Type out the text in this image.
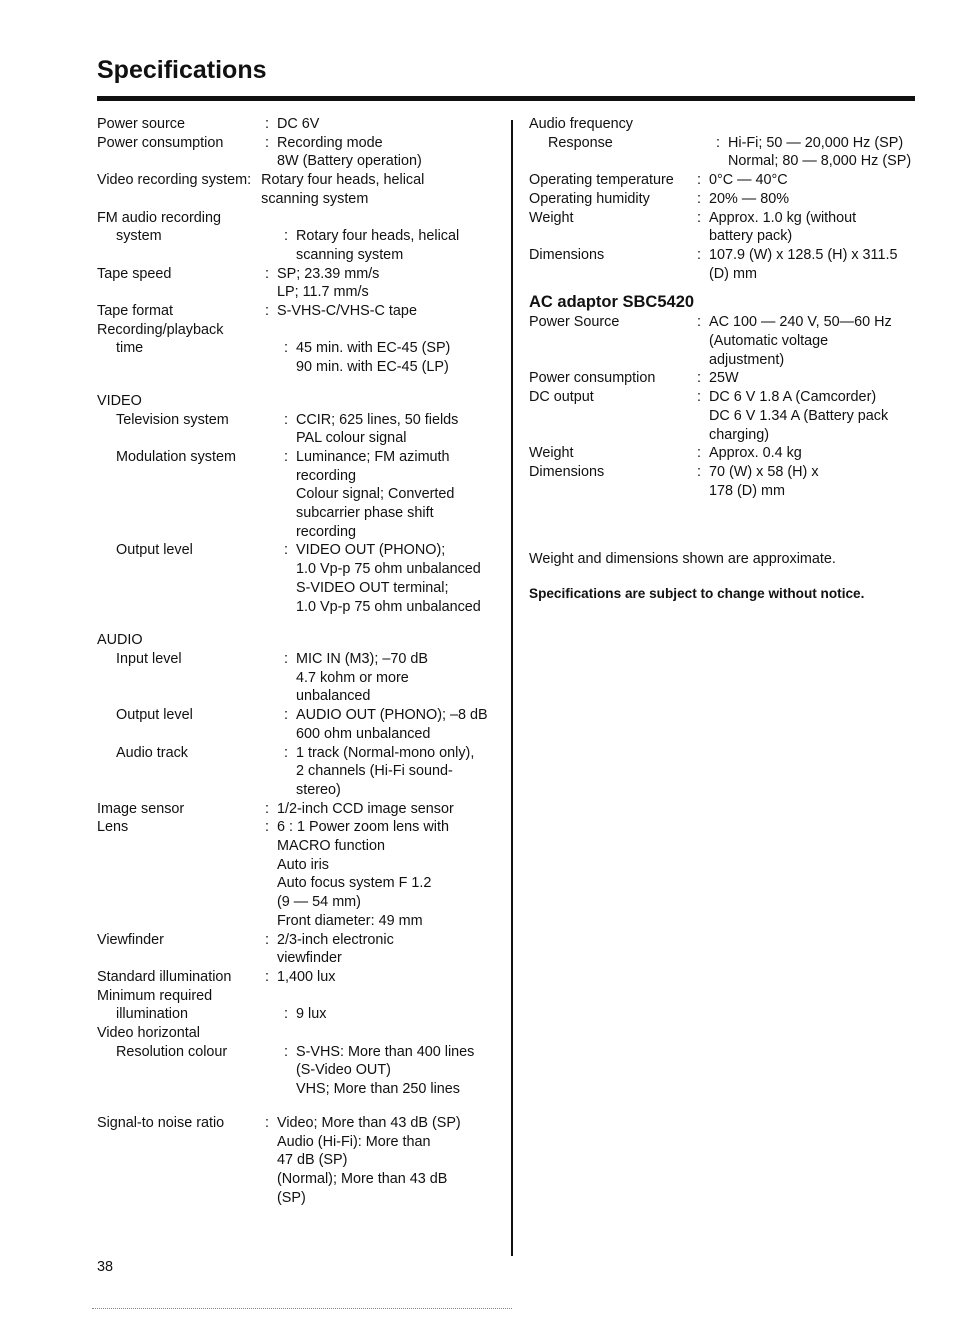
Specifications
Power source	: DC 6V
Power consumption	: Recording mode
8W (Battery operation)
Video recording system : Rotary four heads, helical
scanning system
FM audio recording
system	: Rotary four heads, helical
scanning system
Tape speed	: SP; 23.39 mm/s
LP; 11.7 mm/s
Tape format	: S-VHS-C/VHS-C tape
Recording/playback
time	: 45 min. with EC-45 (SP)
90 min. with EC-45 (LP)
VIDEO
Television system	: CCIR; 625 lines, 50 fields
PAL colour signal
Modulation system	: Luminance; FM azimuth
recording
Colour signal; Converted
subcarrier phase shift
recording
Output level	: VIDEO OUT (PHONO);
1.0 Vp-p 75 ohm unbalanced
S-VIDEO OUT terminal;
1.0 Vp-p 75 ohm unbalanced
AUDIO
Input level	: MIC IN (M3); –70 dB
4.7 kohm or more
unbalanced
Output level	: AUDIO OUT (PHONO); –8 dB
600 ohm unbalanced
Audio track	: 1 track (Normal-mono only),
2 channels (Hi-Fi sound-
stereo)
Image sensor	: 1/2-inch CCD image sensor
Lens	: 6 : 1 Power zoom lens with
MACRO function
Auto iris
Auto focus system F 1.2
(9 — 54 mm)
Front diameter: 49 mm
Viewfinder	: 2/3-inch electronic
viewfinder
Standard illumination	: 1,400 lux
Minimum required
illumination	: 9 lux
Video horizontal
Resolution colour	: S-VHS: More than 400 lines
(S-Video OUT)
VHS; More than 250 lines
Signal-to noise ratio	: Video; More than 43 dB (SP)
Audio (Hi-Fi): More than
47 dB (SP)
(Normal); More than 43 dB
(SP)
Audio frequency
Response	: Hi-Fi; 50 — 20,000 Hz (SP)
Normal; 80 — 8,000 Hz (SP)
Operating temperature	: 0°C — 40°C
Operating humidity	: 20% — 80%
Weight	: Approx. 1.0 kg (without
battery pack)
Dimensions	: 107.9 (W) x 128.5 (H) x 311.5
(D) mm
AC adaptor SBC5420
Power Source	: AC 100 — 240 V, 50—60 Hz
(Automatic voltage
adjustment)
Power consumption	: 25W
DC output	: DC 6 V 1.8 A (Camcorder)
DC 6 V 1.34 A (Battery pack
charging)
Weight	: Approx. 0.4 kg
Dimensions	: 70 (W) x 58 (H) x
178 (D) mm
Weight and dimensions shown are approximate.
Specifications are subject to change without notice.
38
